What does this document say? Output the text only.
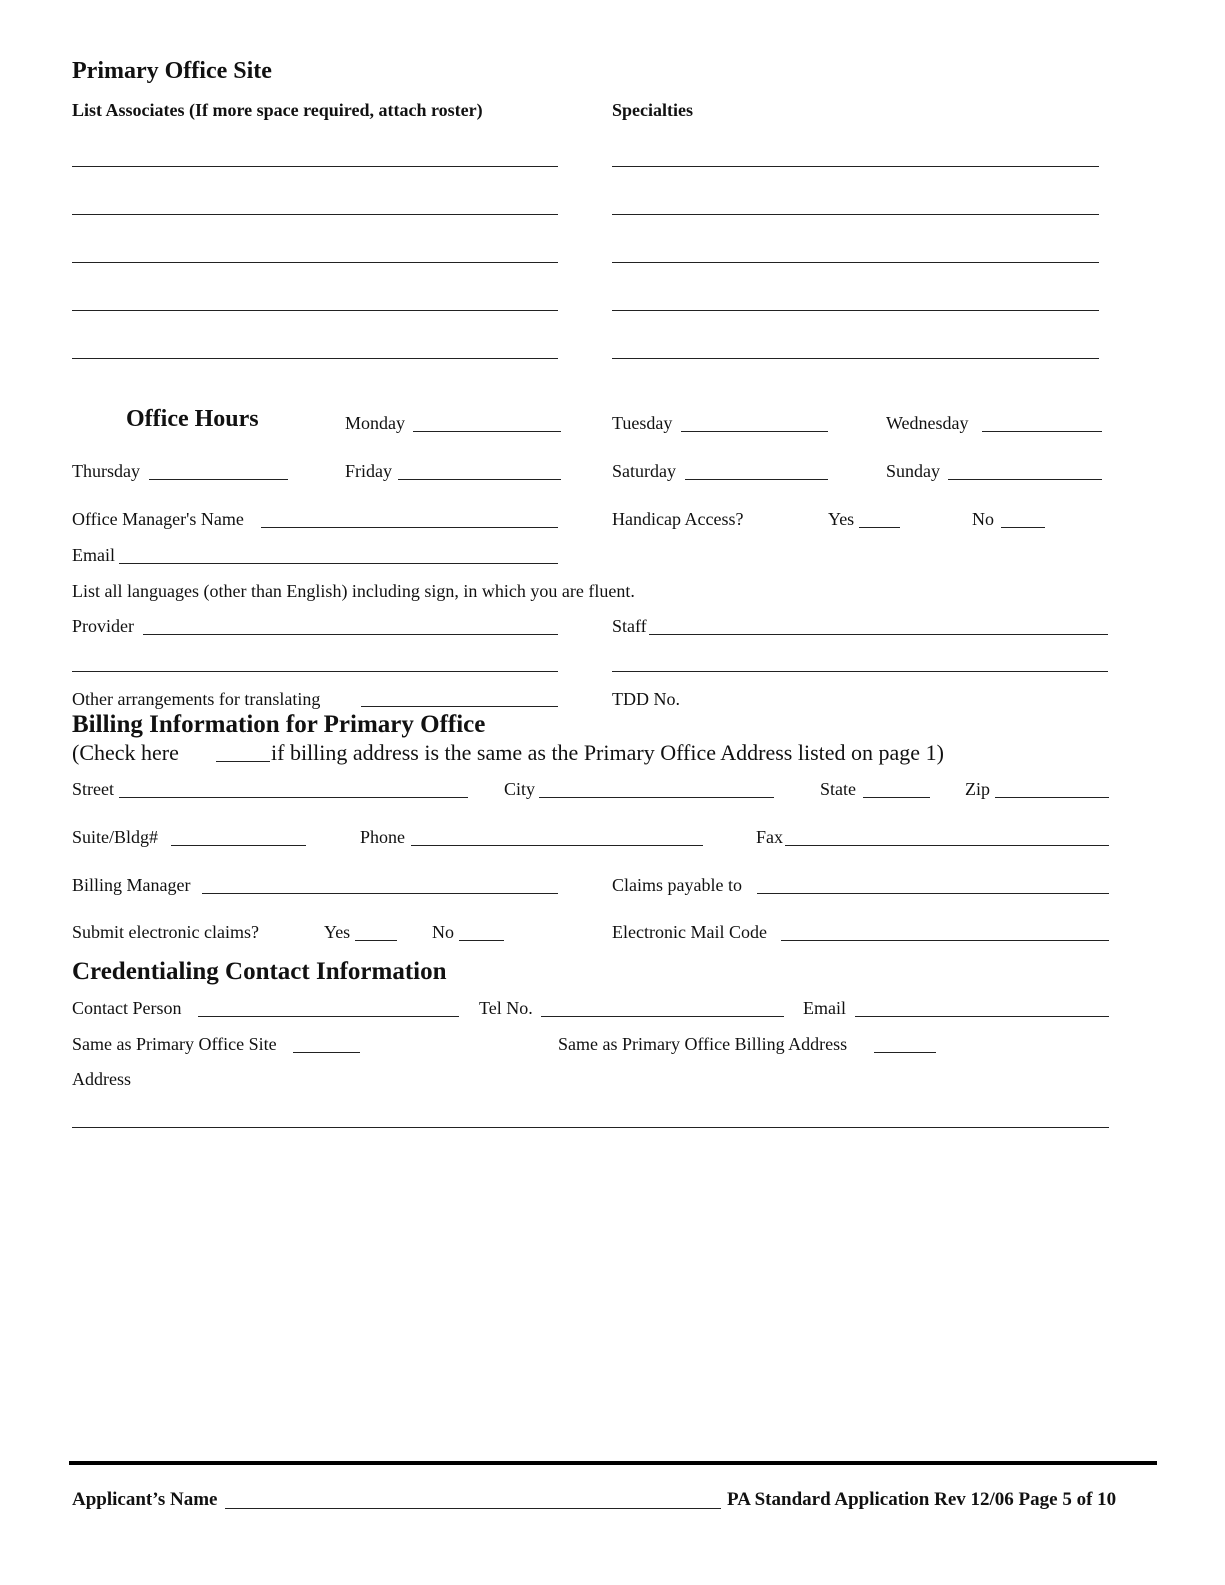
Primary Office Site
List Associates (If more space required, attach roster)	Specialties
Office Hours	Monday	Tuesday	Wednesday
Thursday	Friday	Saturday	Sunday
Office Manager's Name	Handicap Access?	Yes	No
Email
List all languages (other than English) including sign, in which you are fluent.
Provider	Staff
Other arrangements for translating	TDD No.
Billing Information for Primary Office
(Check here	if billing address is the same as the Primary Office Address listed on page 1)
Street	City	State	Zip
Suite/Bldg#	Phone	Fax
Billing Manager	Claims payable to
Submit electronic claims?	Yes	No	Electronic Mail Code
Credentialing Contact Information
Contact Person	Tel No.	Email
Same as Primary Office Site	Same as Primary Office Billing Address
Address
Applicant’s Name	PA Standard Application Rev 12/06 Page 5 of 10
